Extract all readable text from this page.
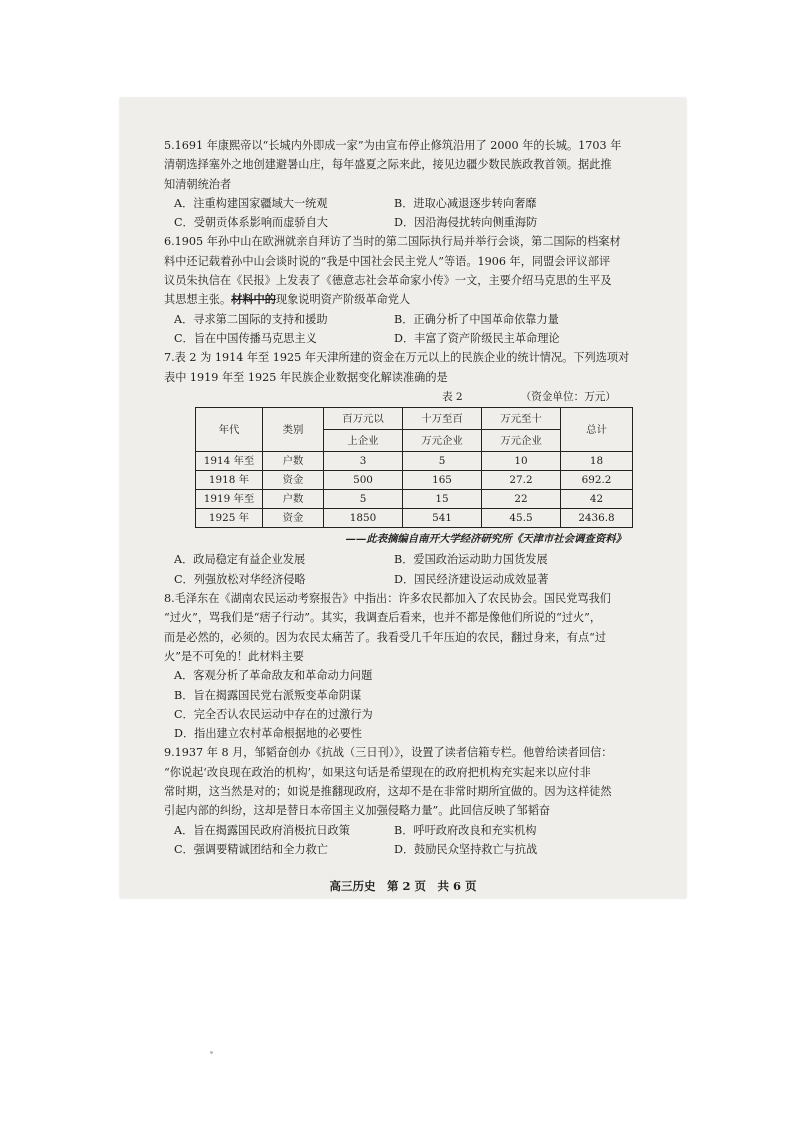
5.1691 年康熙帝以“长城内外即成一家”为由宣布停止修筑沿用了 2000 年的长城。1703 年

清朝选择塞外之地创建避暑山庄，每年盛夏之际来此，接见边疆少数民族政教首领。据此推

知清朝统治者

A．注重构建国家疆域大一统观	B．进取心减退逐步转向奢靡
C．受朝贡体系影响而虚骄自大	D．因沿海侵扰转向侧重海防

6.1905 年孙中山在欧洲就亲自拜访了当时的第二国际执行局并举行会谈，第二国际的档案材

料中还记载着孙中山会谈时说的“我是中国社会民主党人”等语。1906 年，同盟会评议部评

议员朱执信在《民报》上发表了《德意志社会革命家小传》一文，主要介绍马克思的生平及

其思想主张。材料中的现象说明资产阶级革命党人

A．寻求第二国际的支持和援助	B．正确分析了中国革命依靠力量
C．旨在中国传播马克思主义	D．丰富了资产阶级民主革命理论

7.表 2 为 1914 年至 1925 年天津所建的资金在万元以上的民族企业的统计情况。下列选项对

表中 1919 年至 1925 年民族企业数据变化解读准确的是

表 2	（资金单位：万元）
年代	类别	百万元以	十万至百	万元至十	总计
		上企业	万元企业	万元企业	
1914 年至	户数	3	5	10	18
1918 年	资金	500	165	27.2	692.2
1919 年至	户数	5	15	22	42
1925 年	资金	1850	541	45.5	2436.8
——此表摘编自南开大学经济研究所《天津市社会调查资料》
A．政局稳定有益企业发展	B．爱国政治运动助力国货发展
C．列强放松对华经济侵略	D．国民经济建设运动成效显著

8.毛泽东在《湖南农民运动考察报告》中指出：许多农民都加入了农民协会。国民党骂我们

“过火”，骂我们是“痞子行动”。其实，我调查后看来，也并不都是像他们所说的“过火”，

而是必然的，必须的。因为农民太痛苦了。我看受几千年压迫的农民，翻过身来，有点“过

火”是不可免的！此材料主要

A．客观分析了革命敌友和革命动力问题
B．旨在揭露国民党右派叛变革命阴谋
C．完全否认农民运动中存在的过激行为
D．指出建立农村革命根据地的必要性

9.1937 年 8 月，邹韬奋创办《抗战（三日刊）》，设置了读者信箱专栏。他曾给读者回信：

“你说起‘改良现在政治的机构’，如果这句话是希望现在的政府把机构充实起来以应付非

常时期，这当然是对的；如说是推翻现政府，这却不是在非常时期所宜做的。因为这样徒然

引起内部的纠纷，这却是替日本帝国主义加强侵略力量”。此回信反映了邹韬奋

A．旨在揭露国民政府消极抗日政策	B．呼吁政府改良和充实机构
C．强调要精诚团结和全力救亡	D．鼓励民众坚持救亡与抗战
高三历史　第 2 页　共 6 页
